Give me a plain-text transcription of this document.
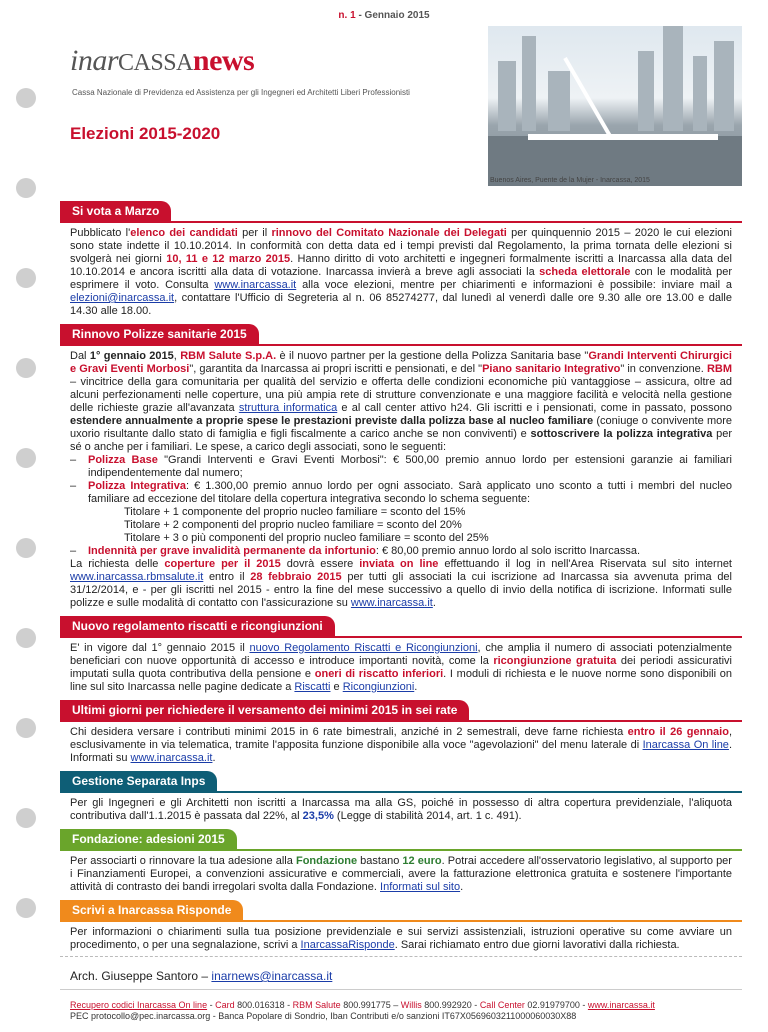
n. 1 - Gennaio 2015
inarCASSAnews
Cassa Nazionale di Previdenza ed Assistenza per gli Ingegneri ed Architetti Liberi Professionisti
Buenos Aires, Puente de la Mujer - Inarcassa, 2015
Elezioni 2015-2020
Si vota a Marzo
Pubblicato l'elenco dei candidati per il rinnovo del Comitato Nazionale dei Delegati per quinquennio 2015 – 2020 le cui elezioni sono state indette il 10.10.2014. In conformità con detta data ed i tempi previsti dal Regolamento, la prima tornata delle elezioni si svolgerà nei giorni 10, 11 e 12 marzo 2015. Hanno diritto di voto architetti e ingegneri formalmente iscritti a Inarcassa alla data del 10.10.2014 e ancora iscritti alla data di votazione. Inarcassa invierà a breve agli associati la scheda elettorale con le modalità per esprimere il voto. Consulta www.inarcassa.it alla voce elezioni, mentre per chiarimenti e informazioni è possibile: inviare mail a elezioni@inarcassa.it, contattare l'Ufficio di Segreteria al n. 06 85274277, dal lunedì al venerdì dalle ore 9.30 alle ore 13.00 e dalle 14.30 alle 18.00.
Rinnovo Polizze sanitarie 2015
Dal 1° gennaio 2015, RBM Salute S.p.A. è il nuovo partner per la gestione della Polizza Sanitaria base "Grandi Interventi Chirurgici e Gravi Eventi Morbosi", garantita da Inarcassa ai propri iscritti e pensionati, e del "Piano sanitario Integrativo" in convenzione. RBM – vincitrice della gara comunitaria per qualità del servizio e offerta delle condizioni economiche più vantaggiose – assicura, oltre ad alcuni perfezionamenti nelle coperture, una più ampia rete di strutture convenzionate e una maggiore facilità e velocità nella gestione delle richieste grazie all'avanzata struttura informatica e al call center attivo h24. Gli iscritti e i pensionati, come in passato, possono estendere annualmente a proprie spese le prestazioni previste dalla polizza base al nucleo familiare (coniuge o convivente more uxorio risultante dallo stato di famiglia e figli fiscalmente a carico anche se non conviventi) e sottoscrivere la polizza integrativa per sé o anche per i familiari. Le spese, a carico degli associati, sono le seguenti:
– Polizza Base "Grandi Interventi e Gravi Eventi Morbosi": € 500,00 premio annuo lordo per estensioni garanzie ai familiari indipendentemente dal numero;
– Polizza Integrativa: € 1.300,00 premio annuo lordo per ogni associato. Sarà applicato uno sconto a tutti i membri del nucleo familiare ad eccezione del titolare della copertura integrativa secondo lo schema seguente:
Titolare + 1 componente del proprio nucleo familiare = sconto del 15%
Titolare + 2 componenti del proprio nucleo familiare = sconto del 20%
Titolare + 3 o più componenti del proprio nucleo familiare = sconto del 25%
– Indennità per grave invalidità permanente da infortunio: € 80,00 premio annuo lordo al solo iscritto Inarcassa.
La richiesta delle coperture per il 2015 dovrà essere inviata on line effettuando il log in nell'Area Riservata sul sito internet www.inarcassa.rbmsalute.it entro il 28 febbraio 2015 per tutti gli associati la cui iscrizione ad Inarcassa sia avvenuta prima del 31/12/2014, e - per gli iscritti nel 2015 - entro la fine del mese successivo a quello di invio della notifica di iscrizione. Informati sulle polizze e sulle modalità di contatto con l'assicurazione su www.inarcassa.it.
Nuovo regolamento riscatti e ricongiunzioni
E' in vigore dal 1° gennaio 2015 il nuovo Regolamento Riscatti e Ricongiunzioni, che amplia il numero di associati potenzialmente beneficiari con nuove opportunità di accesso e introduce importanti novità, come la ricongiunzione gratuita dei periodi assicurativi imputati sulla quota contributiva della pensione e oneri di riscatto inferiori. I moduli di richiesta e le nuove norme sono disponibili on line sul sito Inarcassa nelle pagine dedicate a Riscatti e Ricongiunzioni.
Ultimi giorni per richiedere il versamento dei minimi 2015 in sei rate
Chi desidera versare i contributi minimi 2015 in 6 rate bimestrali, anziché in 2 semestrali, deve farne richiesta entro il 26 gennaio, esclusivamente in via telematica, tramite l'apposita funzione disponibile alla voce "agevolazioni" del menu laterale di Inarcassa On line. Informati su www.inarcassa.it.
Gestione Separata Inps
Per gli Ingegneri e gli Architetti non iscritti a Inarcassa ma alla GS, poiché in possesso di altra copertura previdenziale, l'aliquota contributiva dall'1.1.2015 è passata dal 22%, al 23,5% (Legge di stabilità 2014, art. 1 c. 491).
Fondazione: adesioni 2015
Per associarti o rinnovare la tua adesione alla Fondazione bastano 12 euro. Potrai accedere all'osservatorio legislativo, al supporto per i Finanziamenti Europei, a convenzioni assicurative e commerciali, avere la fatturazione elettronica gratuita e sostenere l'importante attività di contrasto dei bandi irregolari svolta dalla Fondazione. Informati sul sito.
Scrivi a Inarcassa Risponde
Per informazioni o chiarimenti sulla tua posizione previdenziale e sui servizi assistenziali, istruzioni operative su come avviare un procedimento, o per una segnalazione, scrivi a InarcassaRisponde. Sarai richiamato entro due giorni lavorativi dalla richiesta.
Arch. Giuseppe Santoro – inarnews@inarcassa.it
Recupero codici Inarcassa On line - Card 800.016318 - RBM Salute 800.991775 – Willis 800.992920 - Call Center 02.91979700 - www.inarcassa.it
PEC protocollo@pec.inarcassa.org - Banca Popolare di Sondrio, Iban Contributi e/o sanzioni IT67X0569603211000060030X88
